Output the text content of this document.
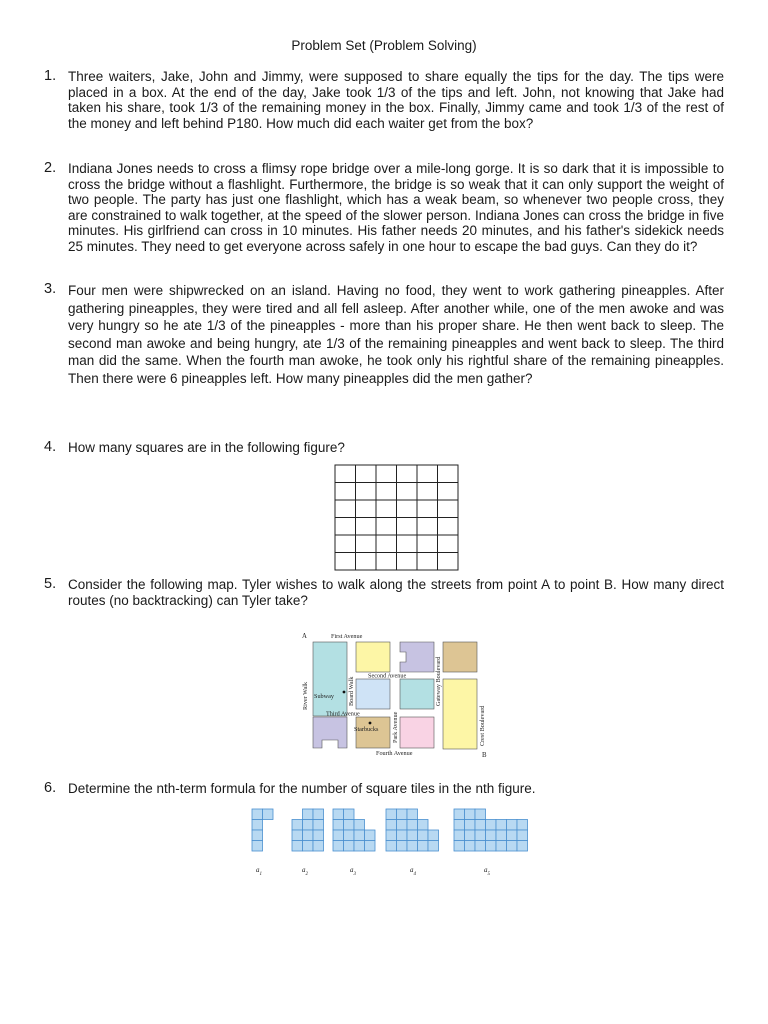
Problem Set (Problem Solving)
1. Three waiters, Jake, John and Jimmy, were supposed to share equally the tips for the day. The tips were placed in a box. At the end of the day, Jake took 1/3 of the tips and left. John, not knowing that Jake had taken his share, took 1/3 of the remaining money in the box. Finally, Jimmy came and took 1/3 of the rest of the money and left behind P180. How much did each waiter get from the box?
2. Indiana Jones needs to cross a flimsy rope bridge over a mile-long gorge. It is so dark that it is impossible to cross the bridge without a flashlight. Furthermore, the bridge is so weak that it can only support the weight of two people. The party has just one flashlight, which has a weak beam, so whenever two people cross, they are constrained to walk together, at the speed of the slower person. Indiana Jones can cross the bridge in five minutes. His girlfriend can cross in 10 minutes. His father needs 20 minutes, and his father's sidekick needs 25 minutes. They need to get everyone across safely in one hour to escape the bad guys. Can they do it?
3. Four men were shipwrecked on an island. Having no food, they went to work gathering pineapples. After gathering pineapples, they were tired and all fell asleep. After another while, one of the men awoke and was very hungry so he ate 1/3 of the pineapples - more than his proper share. He then went back to sleep. The second man awoke and being hungry, ate 1/3 of the remaining pineapples and went back to sleep. The third man did the same. When the fourth man awoke, he took only his rightful share of the remaining pineapples. Then there were 6 pineapples left. How many pineapples did the men gather?
4. How many squares are in the following figure?
5. Consider the following map. Tyler wishes to walk along the streets from point A to point B. How many direct routes (no backtracking) can Tyler take?
A
B
First Avenue
Second Avenue
Third Avenue
Fourth Avenue
River Walk	Board Walk
Park Avenue
Gateway Boulevard
Crest Boulevard
Subway
Starbucks
6. Determine the nth-term formula for the number of square tiles in the nth figure.
$a_1$	$a_2$	$a_3$	$a_4$	$a_5$
